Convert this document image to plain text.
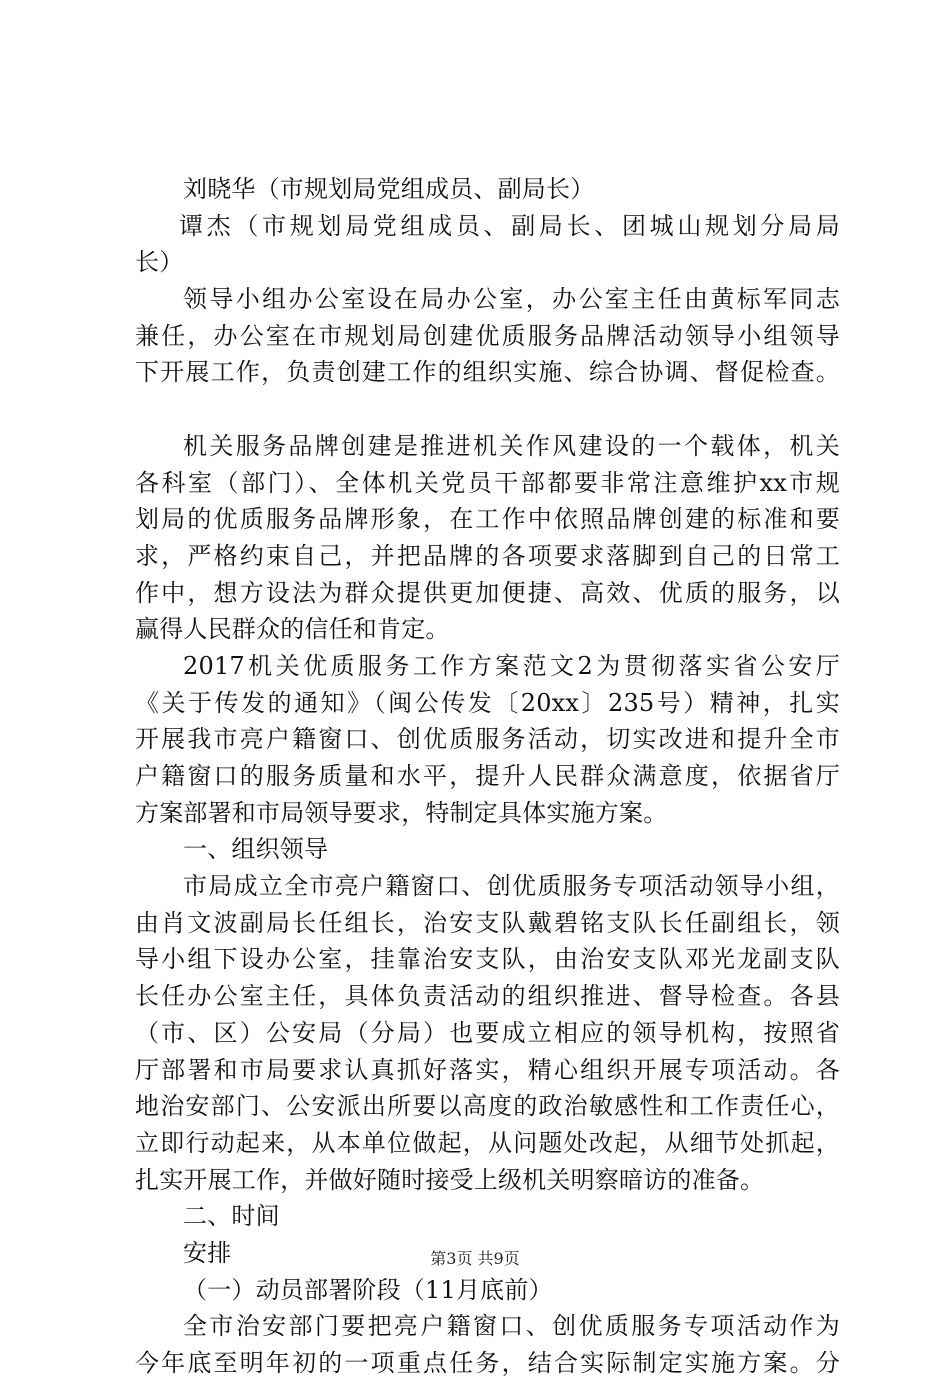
刘晓华（市规划局党组成员、副局长）
谭杰（市规划局党组成员、副局长、团城山规划分局局
长）
领导小组办公室设在局办公室，办公室主任由黄标军同志
兼任，办公室在市规划局创建优质服务品牌活动领导小组领导
下开展工作，负责创建工作的组织实施、综合协调、督促检查。
机关服务品牌创建是推进机关作风建设的一个载体，机关
各科室（部门）、全体机关党员干部都要非常注意维护xx市规
划局的优质服务品牌形象，在工作中依照品牌创建的标准和要
求，严格约束自己，并把品牌的各项要求落脚到自己的日常工
作中，想方设法为群众提供更加便捷、高效、优质的服务，以
赢得人民群众的信任和肯定。
2017机关优质服务工作方案范文2为贯彻落实省公安厅
《关于传发的通知》（闽公传发〔20xx〕235号）精神，扎实
开展我市亮户籍窗口、创优质服务活动，切实改进和提升全市
户籍窗口的服务质量和水平，提升人民群众满意度，依据省厅
方案部署和市局领导要求，特制定具体实施方案。
一、组织领导
市局成立全市亮户籍窗口、创优质服务专项活动领导小组，
由肖文波副局长任组长，治安支队戴碧铭支队长任副组长，领
导小组下设办公室，挂靠治安支队，由治安支队邓光龙副支队
长任办公室主任，具体负责活动的组织推进、督导检查。各县
（市、区）公安局（分局）也要成立相应的领导机构，按照省
厅部署和市局要求认真抓好落实，精心组织开展专项活动。各
地治安部门、公安派出所要以高度的政治敏感性和工作责任心，
立即行动起来，从本单位做起，从问题处改起，从细节处抓起，
扎实开展工作，并做好随时接受上级机关明察暗访的准备。
二、时间
安排
（一）动员部署阶段（11月底前）
全市治安部门要把亮户籍窗口、创优质服务专项活动作为
今年底至明年初的一项重点任务，结合实际制定实施方案。分
第3页 共9页
